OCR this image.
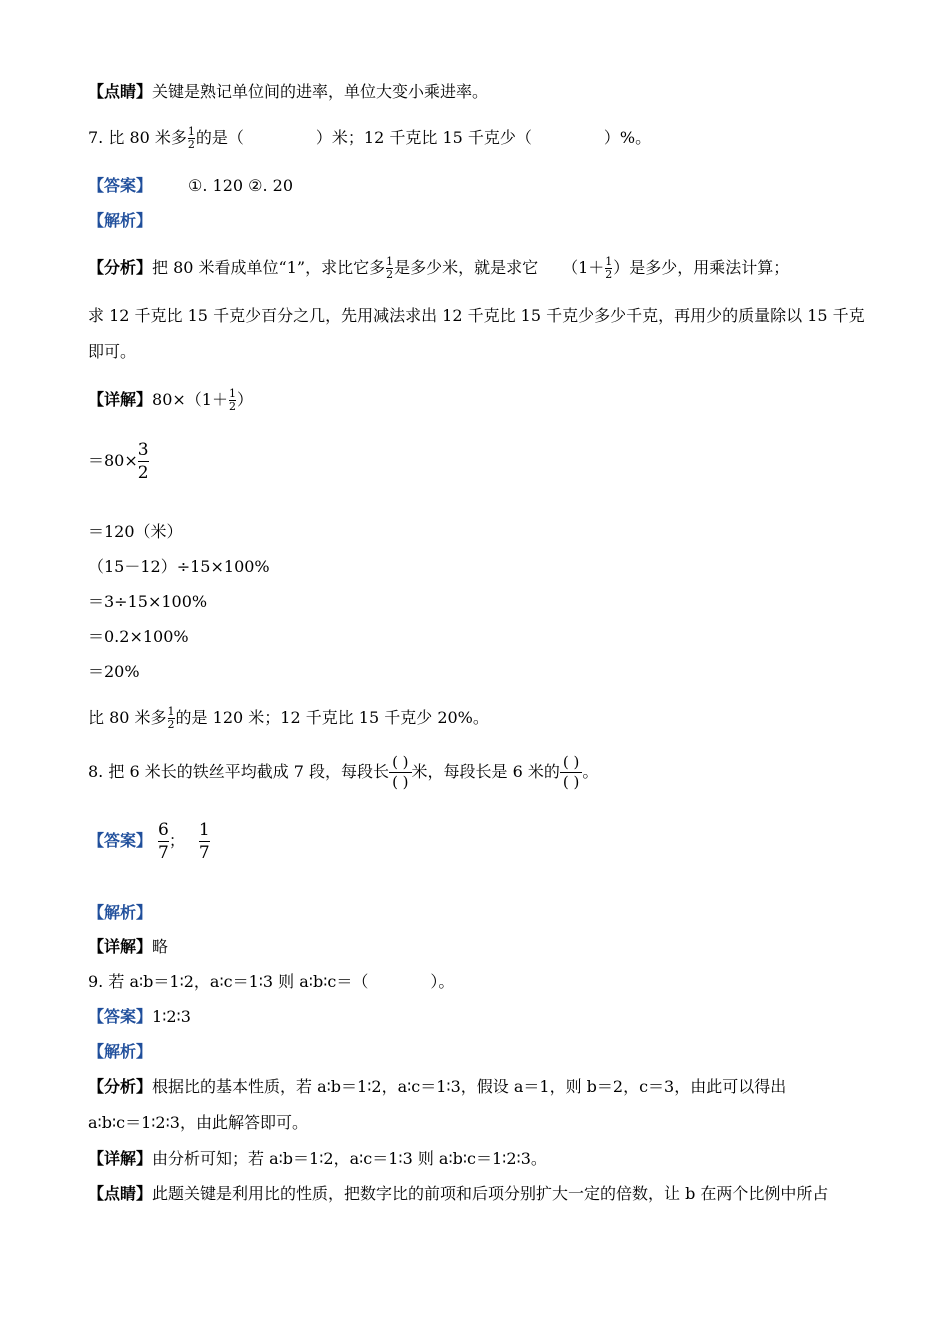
【点睛】关键是熟记单位间的进率，单位大变小乘进率。
7. 比 80 米多 $\frac{1}{2}$ 的是（	）米；12 千克比 15 千克少（	）%。
【答案】 ①. 120 ②. 20
【解析】
【分析】把 80 米看成单位“1”，求比它多 $\frac{1}{2}$ 是多少米，就是求它 （$1+ \frac{1}{2}$ ）是多少，用乘法计算；
求 12 千克比 15 千克少百分之几，先用减法求出 12 千克比 15 千克少多少千克，再用少的质量除以 15 千克
即可。
【详解】$80\times(1+ \frac{1}{2}$ ）
$=80\times \frac{3}{2}$
＝120（米）
（15－12）÷15×100%
＝3÷15×100%
＝0.2×100%
＝20%
比 80 米多 $\frac{1}{2}$ 的是 120 米；12 千克比 15 千克少 20%。
8. 把 6 米长的铁丝平均截成 7 段，每段长 ( )
( )
米，每段长是 6 米的 ( )
( )
。
【答案】 $\frac{6}{7}$ ； $\frac{1}{7}$
【解析】
【详解】略
9. 若 a∶b＝1∶2，a∶c＝1∶3 则 a∶b∶c＝（	）。
【答案】1∶2∶3
【解析】
【分析】根据比的基本性质，若 a∶b＝1∶2，a∶c＝1∶3，假设 a＝1，则 b＝2，c＝3，由此可以得出
a∶b∶c＝1∶2∶3，由此解答即可。
【详解】由分析可知；若 a∶b＝1∶2，a∶c＝1∶3 则 a∶b∶c＝1∶2∶3。
【点睛】此题关键是利用比的性质，把数字比的前项和后项分别扩大一定的倍数，让 b 在两个比例中所占
